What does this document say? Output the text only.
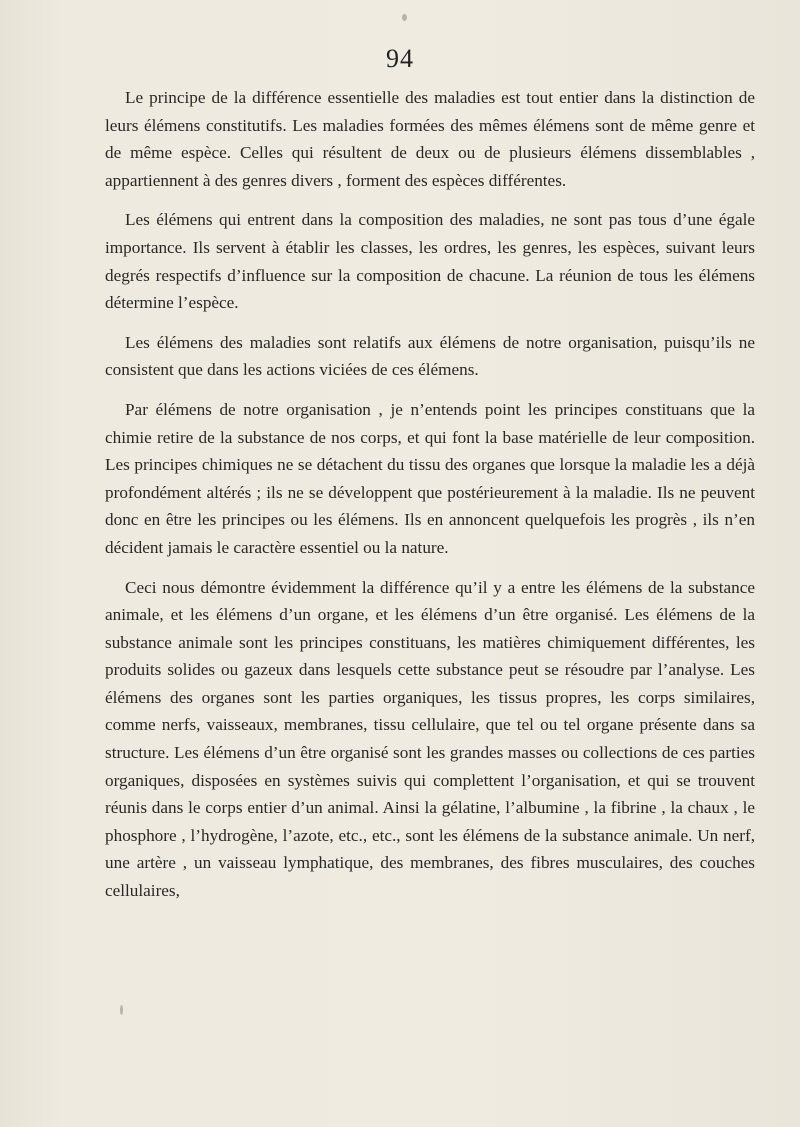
94

Le principe de la différence essentielle des maladies est tout entier dans la distinction de leurs élémens constitutifs. Les maladies formées des mêmes élémens sont de même genre et de même espèce. Celles qui résultent de deux ou de plusieurs élémens dissemblables , appartiennent à des genres divers , forment des espèces différentes.

Les élémens qui entrent dans la composition des maladies, ne sont pas tous d’une égale importance. Ils servent à établir les classes, les ordres, les genres, les espèces, suivant leurs degrés respectifs d’influence sur la composition de chacune. La réunion de tous les élémens détermine l’espèce.

Les élémens des maladies sont relatifs aux élémens de notre organisation, puisqu’ils ne consistent que dans les actions viciées de ces élémens.

Par élémens de notre organisation , je n’entends point les principes constituans que la chimie retire de la substance de nos corps, et qui font la base matérielle de leur composition. Les principes chimiques ne se détachent du tissu des organes que lorsque la maladie les a déjà profondément altérés ; ils ne se développent que postérieurement à la maladie. Ils ne peuvent donc en être les principes ou les élémens. Ils en annoncent quelquefois les progrès , ils n’en décident jamais le caractère essentiel ou la nature.

Ceci nous démontre évidemment la différence qu’il y a entre les élémens de la substance animale, et les élémens d’un organe, et les élémens d’un être organisé. Les élémens de la substance animale sont les principes constituans, les matières chimiquement différentes, les produits solides ou gazeux dans lesquels cette substance peut se résoudre par l’analyse. Les élémens des organes sont les parties organiques, les tissus propres, les corps similaires, comme nerfs, vaisseaux, membranes, tissu cellulaire, que tel ou tel organe présente dans sa structure. Les élémens d’un être organisé sont les grandes masses ou collections de ces parties organiques, disposées en systèmes suivis qui complettent l’organisation, et qui se trouvent réunis dans le corps entier d’un animal. Ainsi la gélatine, l’albumine , la fibrine , la chaux , le phosphore , l’hydrogène, l’azote, etc., etc., sont les élémens de la substance animale. Un nerf, une artère , un vaisseau lymphatique, des membranes, des fibres musculaires, des couches cellulaires,
